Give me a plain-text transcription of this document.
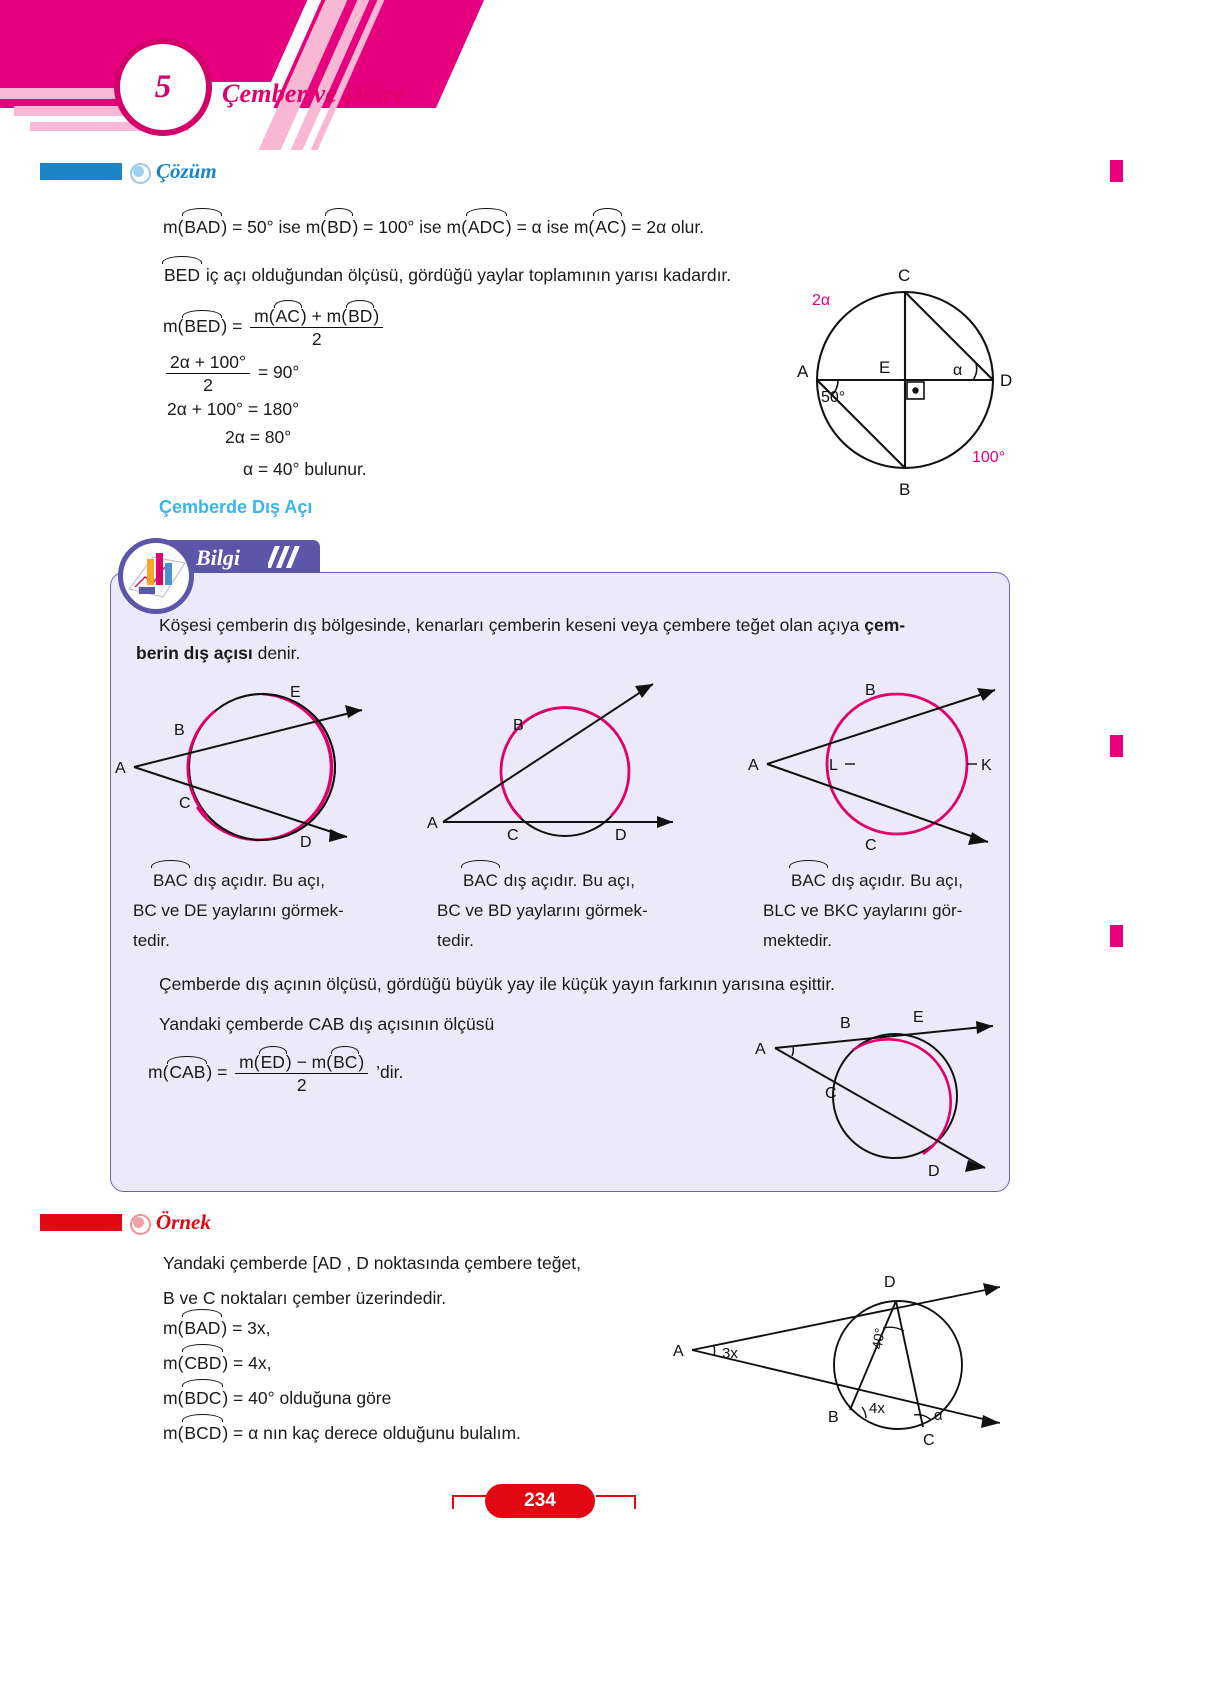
5	Çember ve Daire
Çözüm
m(BAD) = 50° ise m(BD) = 100° ise m(ADC) = α ise m(AC) = 2α olur.
BED iç açı olduğundan ölçüsü, gördüğü yaylar toplamının yarısı kadardır.
$m(BED) = \frac{m(AC) + m(BD)}{2}$
$\frac{2\alpha + 100^\circ}{2} = 90^\circ$
2α + 100° = 180°
2α = 80°
α = 40° bulunur.
A
C
D
B
E
50°
α
2α
100°
Çemberde Dış Açı
Bilgi
Köşesi çemberin dış bölgesinde, kenarları çemberin keseni veya çembere teğet olan açıya çem-
berin dış açısı denir.
A
B
C
E
D
A
B
C	D
A
B
C
L	K
BAC dış açıdır. Bu açı,
BC ve DE yaylarını görmek-
tedir.
BAC dış açıdır. Bu açı,
BC ve BD yaylarını görmek-
tedir.
BAC dış açıdır. Bu açı,
BLC ve BKC yaylarını gör-
mektedir.
Çemberde dış açının ölçüsü, gördüğü büyük yay ile küçük yayın farkının yarısına eşittir.
Yandaki çemberde CAB dış açısının ölçüsü
$m(CAB) = \frac{m(ED) - m(BC)}{2}$ ’dir.
A
B	E
C
D
Örnek
Yandaki çemberde [AD , D noktasında çembere teğet,
B ve C noktaları çember üzerindedir.
m(BAD) = 3x,
m(CBD) = 4x,
m(BDC) = 40° olduğuna göre
m(BCD) = α nın kaç derece olduğunu bulalım.
A
D
B
C
3x
4x	α
40°
234
